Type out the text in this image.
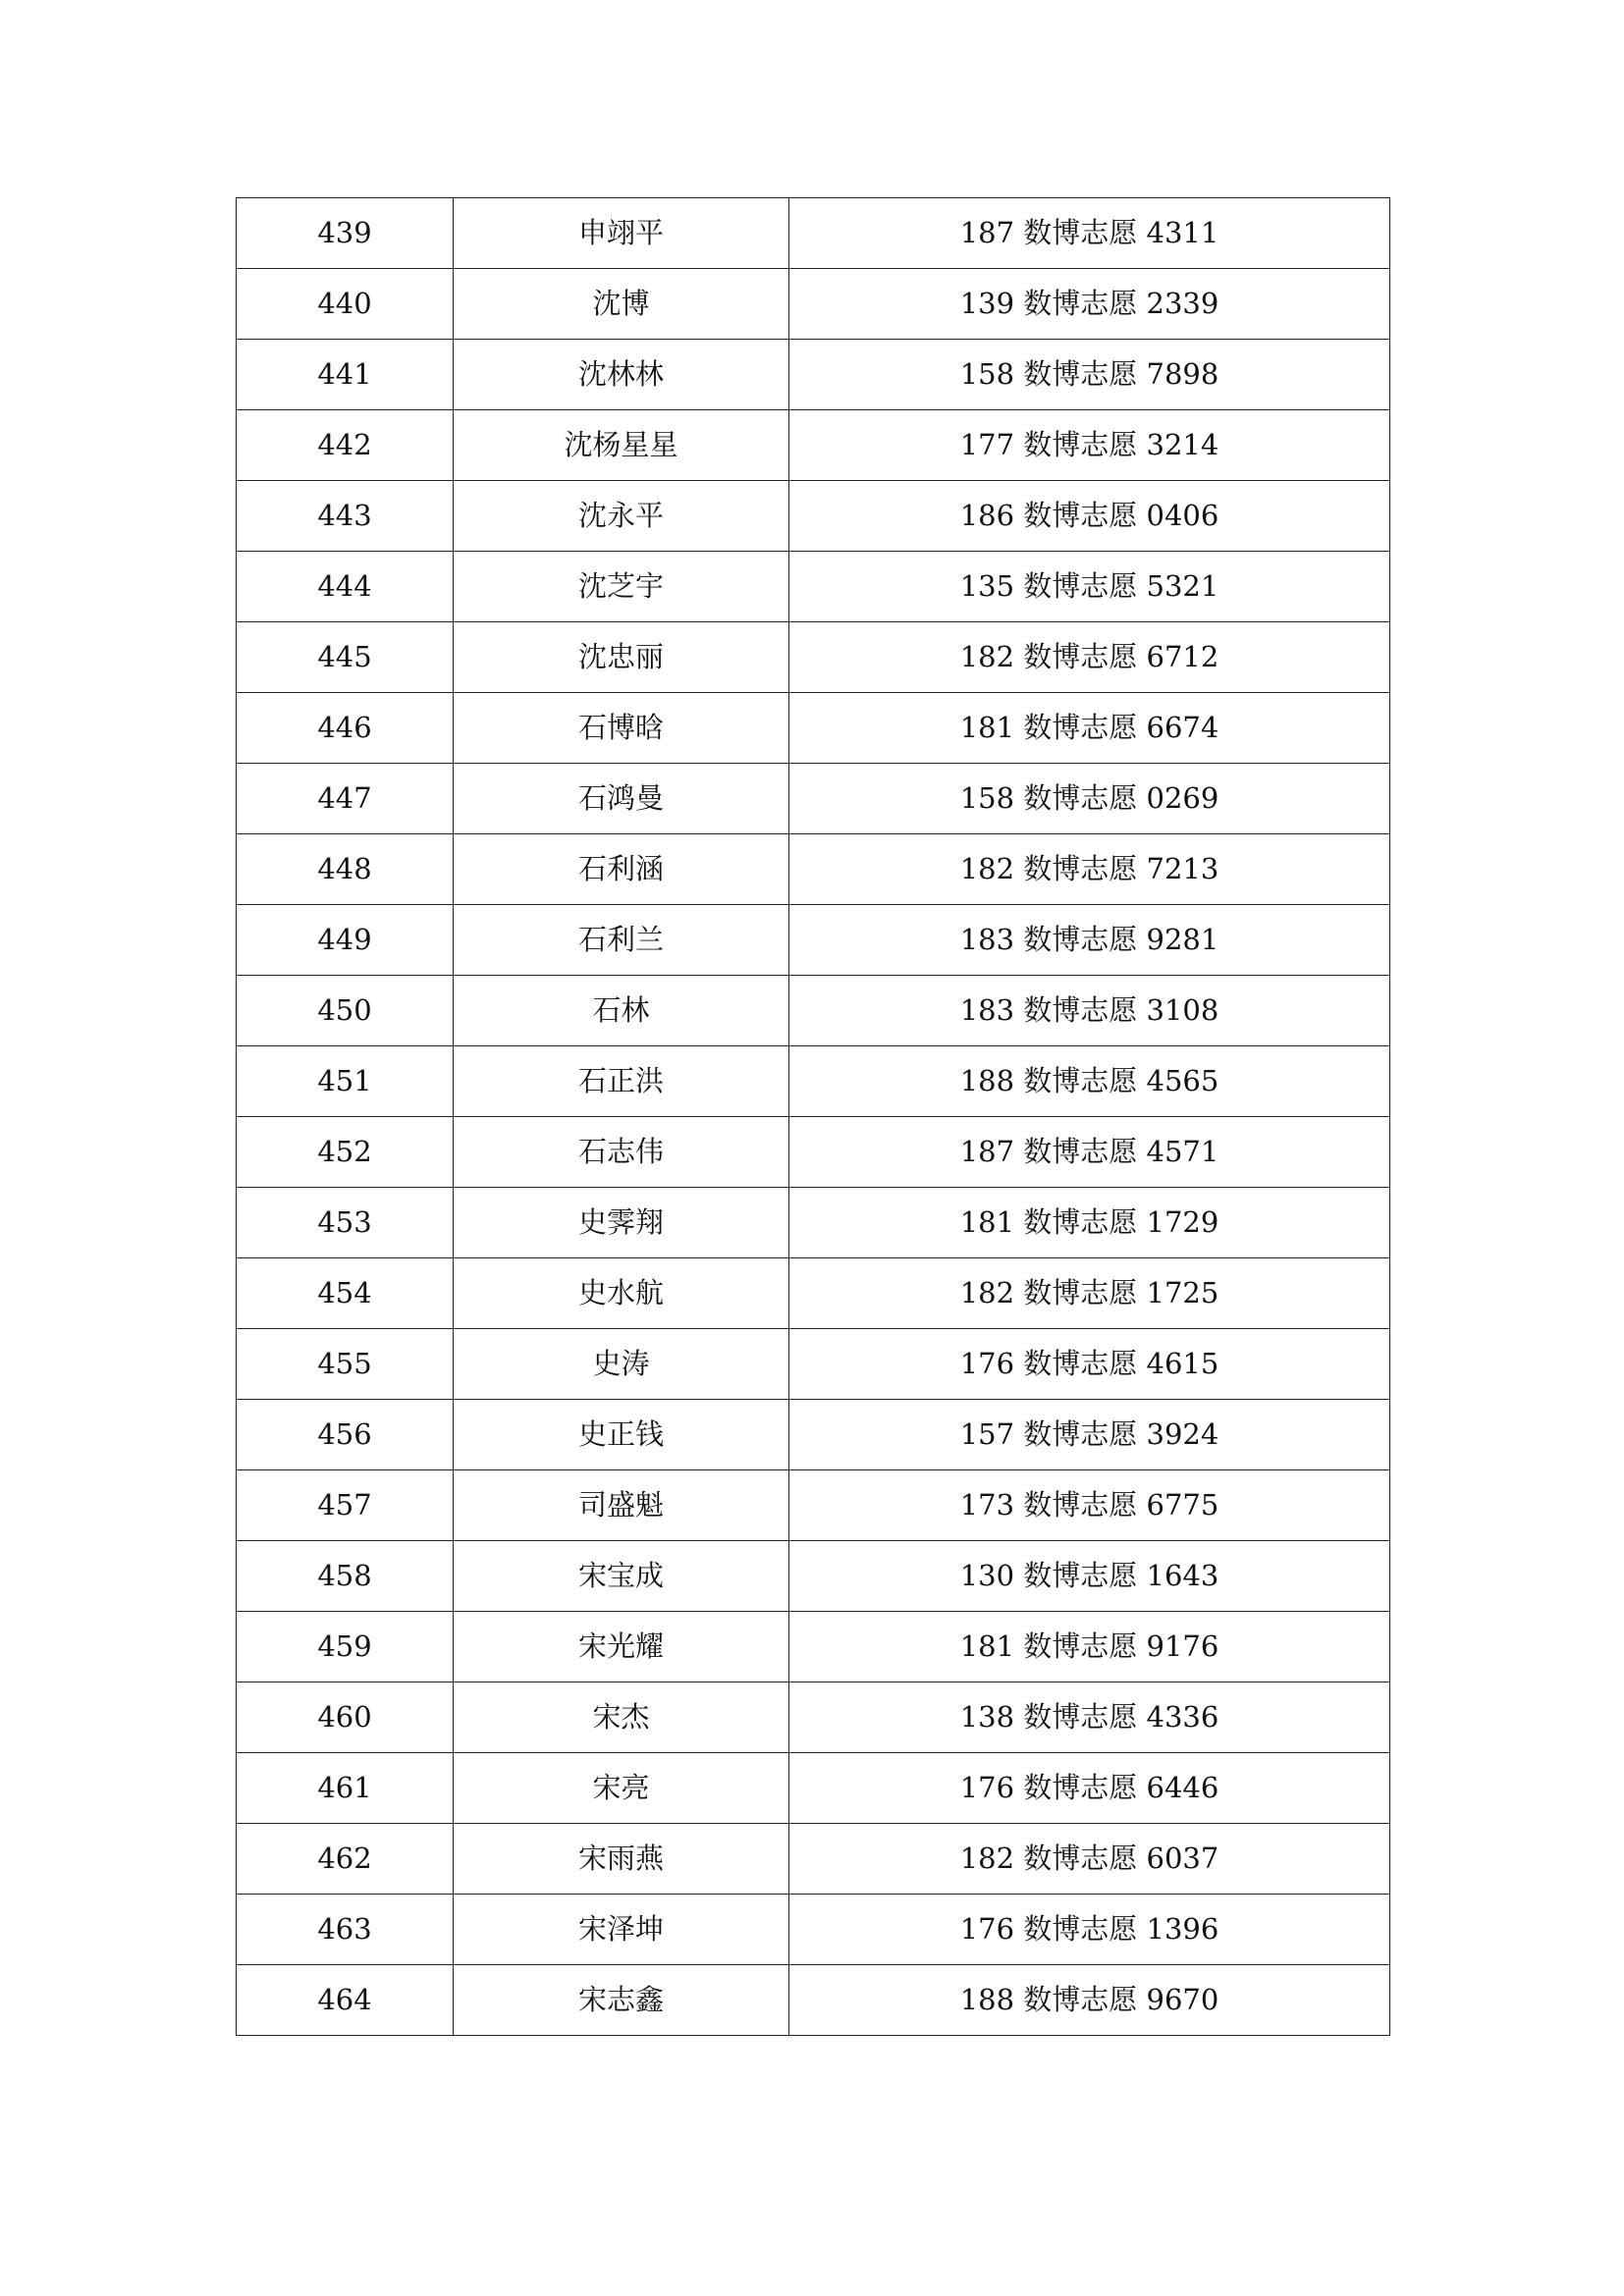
439	申翊平	187 数博志愿 4311
440	沈博	139 数博志愿 2339
441	沈林林	158 数博志愿 7898
442	沈杨星星	177 数博志愿 3214
443	沈永平	186 数博志愿 0406
444	沈芝宇	135 数博志愿 5321
445	沈忠丽	182 数博志愿 6712
446	石博晗	181 数博志愿 6674
447	石鸿曼	158 数博志愿 0269
448	石利涵	182 数博志愿 7213
449	石利兰	183 数博志愿 9281
450	石林	183 数博志愿 3108
451	石正洪	188 数博志愿 4565
452	石志伟	187 数博志愿 4571
453	史霁翔	181 数博志愿 1729
454	史水航	182 数博志愿 1725
455	史涛	176 数博志愿 4615
456	史正钱	157 数博志愿 3924
457	司盛魁	173 数博志愿 6775
458	宋宝成	130 数博志愿 1643
459	宋光耀	181 数博志愿 9176
460	宋杰	138 数博志愿 4336
461	宋亮	176 数博志愿 6446
462	宋雨燕	182 数博志愿 6037
463	宋泽坤	176 数博志愿 1396
464	宋志鑫	188 数博志愿 9670
